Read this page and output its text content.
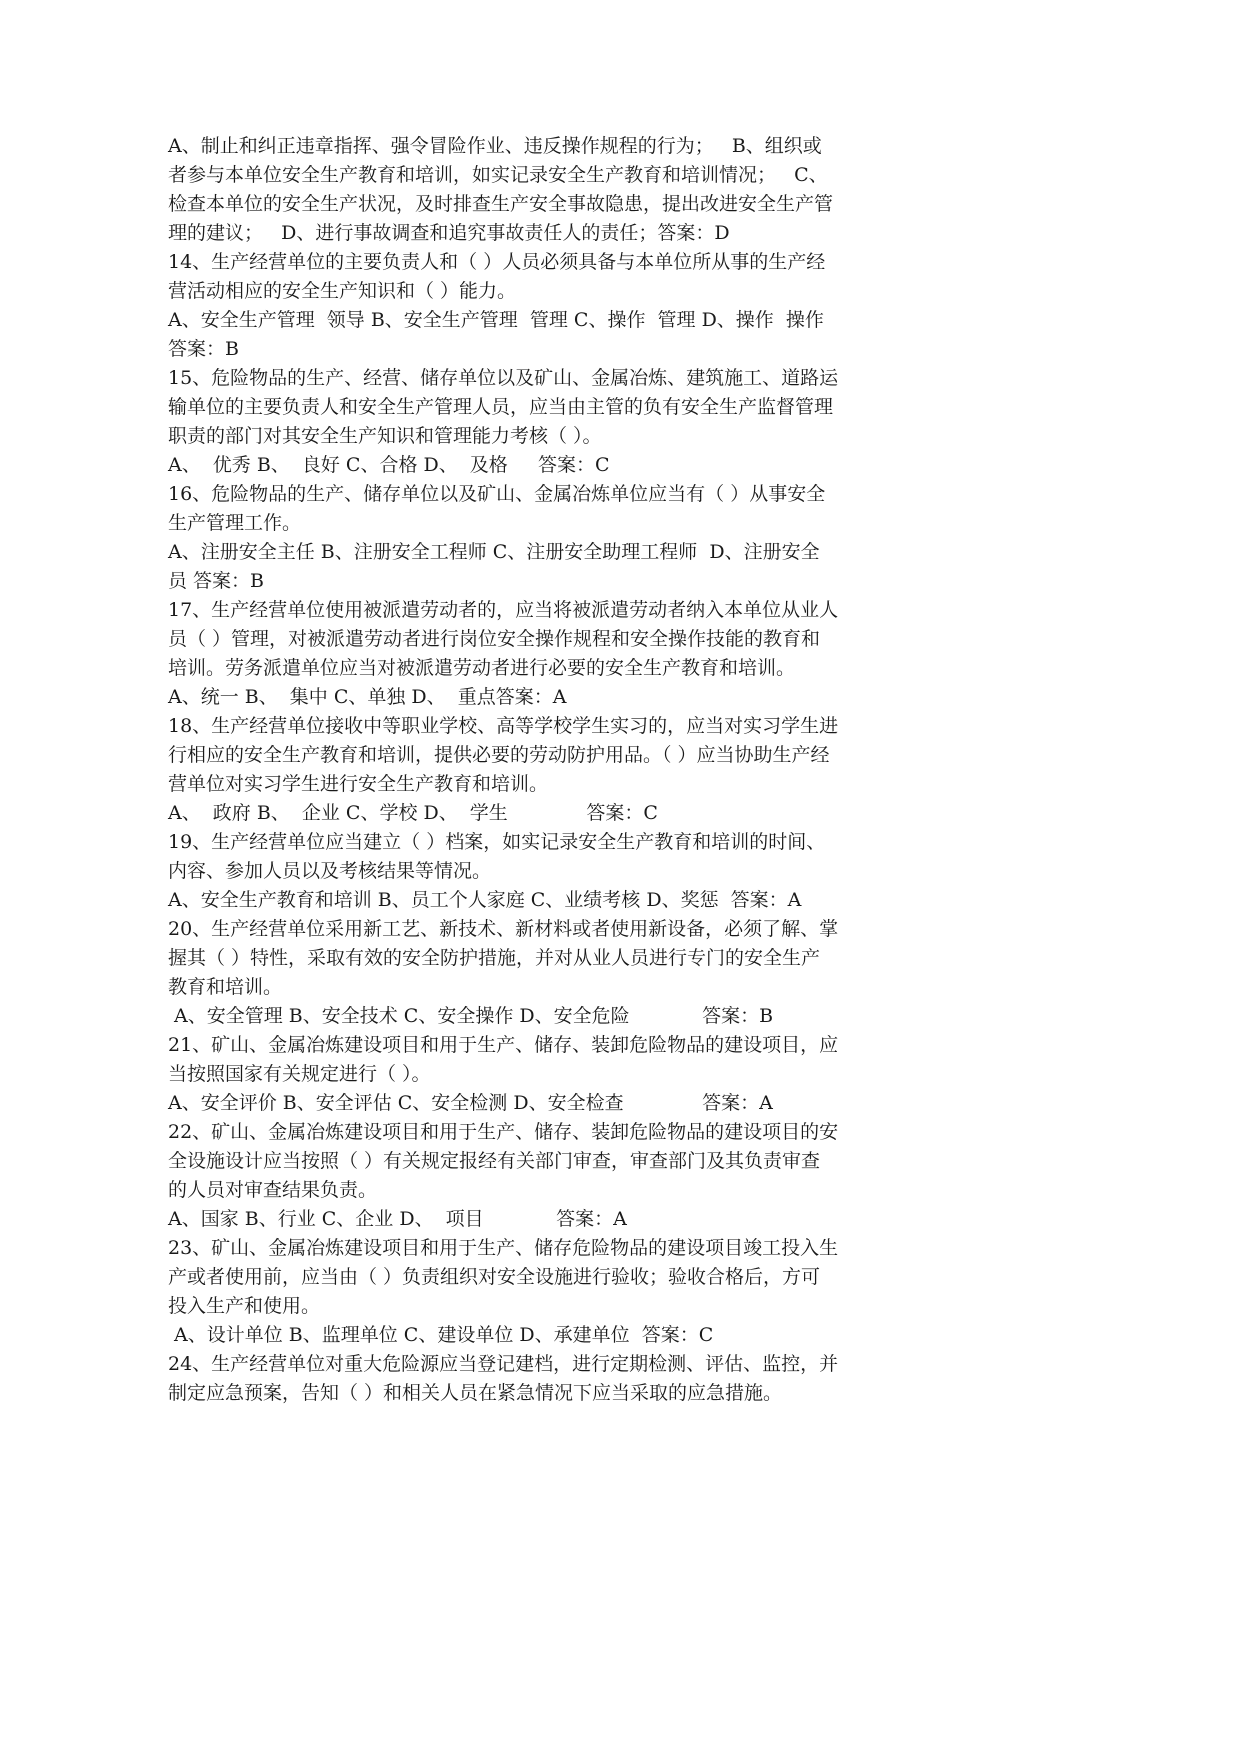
A、制止和纠正违章指挥、强令冒险作业、违反操作规程的行为；   B、组织或
者参与本单位安全生产教育和培训，如实记录安全生产教育和培训情况；   C、
检查本单位的安全生产状况，及时排查生产安全事故隐患，提出改进安全生产管
理的建议；   D、进行事故调查和追究事故责任人的责任；答案：D
14、生产经营单位的主要负责人和（ ）人员必须具备与本单位所从事的生产经
营活动相应的安全生产知识和（ ）能力。
A、安全生产管理  领导 B、安全生产管理  管理 C、操作  管理 D、操作  操作
答案：B
15、危险物品的生产、经营、储存单位以及矿山、金属冶炼、建筑施工、道路运
输单位的主要负责人和安全生产管理人员，应当由主管的负有安全生产监督管理
职责的部门对其安全生产知识和管理能力考核（ ）。
A、  优秀 B、  良好 C、合格 D、  及格     答案：C
16、危险物品的生产、储存单位以及矿山、金属冶炼单位应当有（ ）从事安全
生产管理工作。
A、注册安全主任 B、注册安全工程师 C、注册安全助理工程师  D、注册安全
员 答案：B
17、生产经营单位使用被派遣劳动者的，应当将被派遣劳动者纳入本单位从业人
员（ ）管理，对被派遣劳动者进行岗位安全操作规程和安全操作技能的教育和
培训。劳务派遣单位应当对被派遣劳动者进行必要的安全生产教育和培训。
A、统一 B、  集中 C、单独 D、  重点答案：A
18、生产经营单位接收中等职业学校、高等学校学生实习的，应当对实习学生进
行相应的安全生产教育和培训，提供必要的劳动防护用品。（ ）应当协助生产经
营单位对实习学生进行安全生产教育和培训。
A、  政府 B、  企业 C、学校 D、  学生             答案：C
19、生产经营单位应当建立（ ）档案，如实记录安全生产教育和培训的时间、
内容、参加人员以及考核结果等情况。
A、安全生产教育和培训 B、员工个人家庭 C、业绩考核 D、奖惩  答案：A
20、生产经营单位采用新工艺、新技术、新材料或者使用新设备，必须了解、掌
握其（ ）特性，采取有效的安全防护措施，并对从业人员进行专门的安全生产
教育和培训。
A、安全管理 B、安全技术 C、安全操作 D、安全危险            答案：B
21、矿山、金属冶炼建设项目和用于生产、储存、装卸危险物品的建设项目，应
当按照国家有关规定进行（ ）。
A、安全评价 B、安全评估 C、安全检测 D、安全检查             答案：A
22、矿山、金属冶炼建设项目和用于生产、储存、装卸危险物品的建设项目的安
全设施设计应当按照（ ）有关规定报经有关部门审查，审查部门及其负责审查
的人员对审查结果负责。
A、国家 B、行业 C、企业 D、  项目            答案：A
23、矿山、金属冶炼建设项目和用于生产、储存危险物品的建设项目竣工投入生
产或者使用前，应当由（ ）负责组织对安全设施进行验收；验收合格后，方可
投入生产和使用。
A、设计单位 B、监理单位 C、建设单位 D、承建单位  答案：C
24、生产经营单位对重大危险源应当登记建档，进行定期检测、评估、监控，并
制定应急预案，告知（ ）和相关人员在紧急情况下应当采取的应急措施。
